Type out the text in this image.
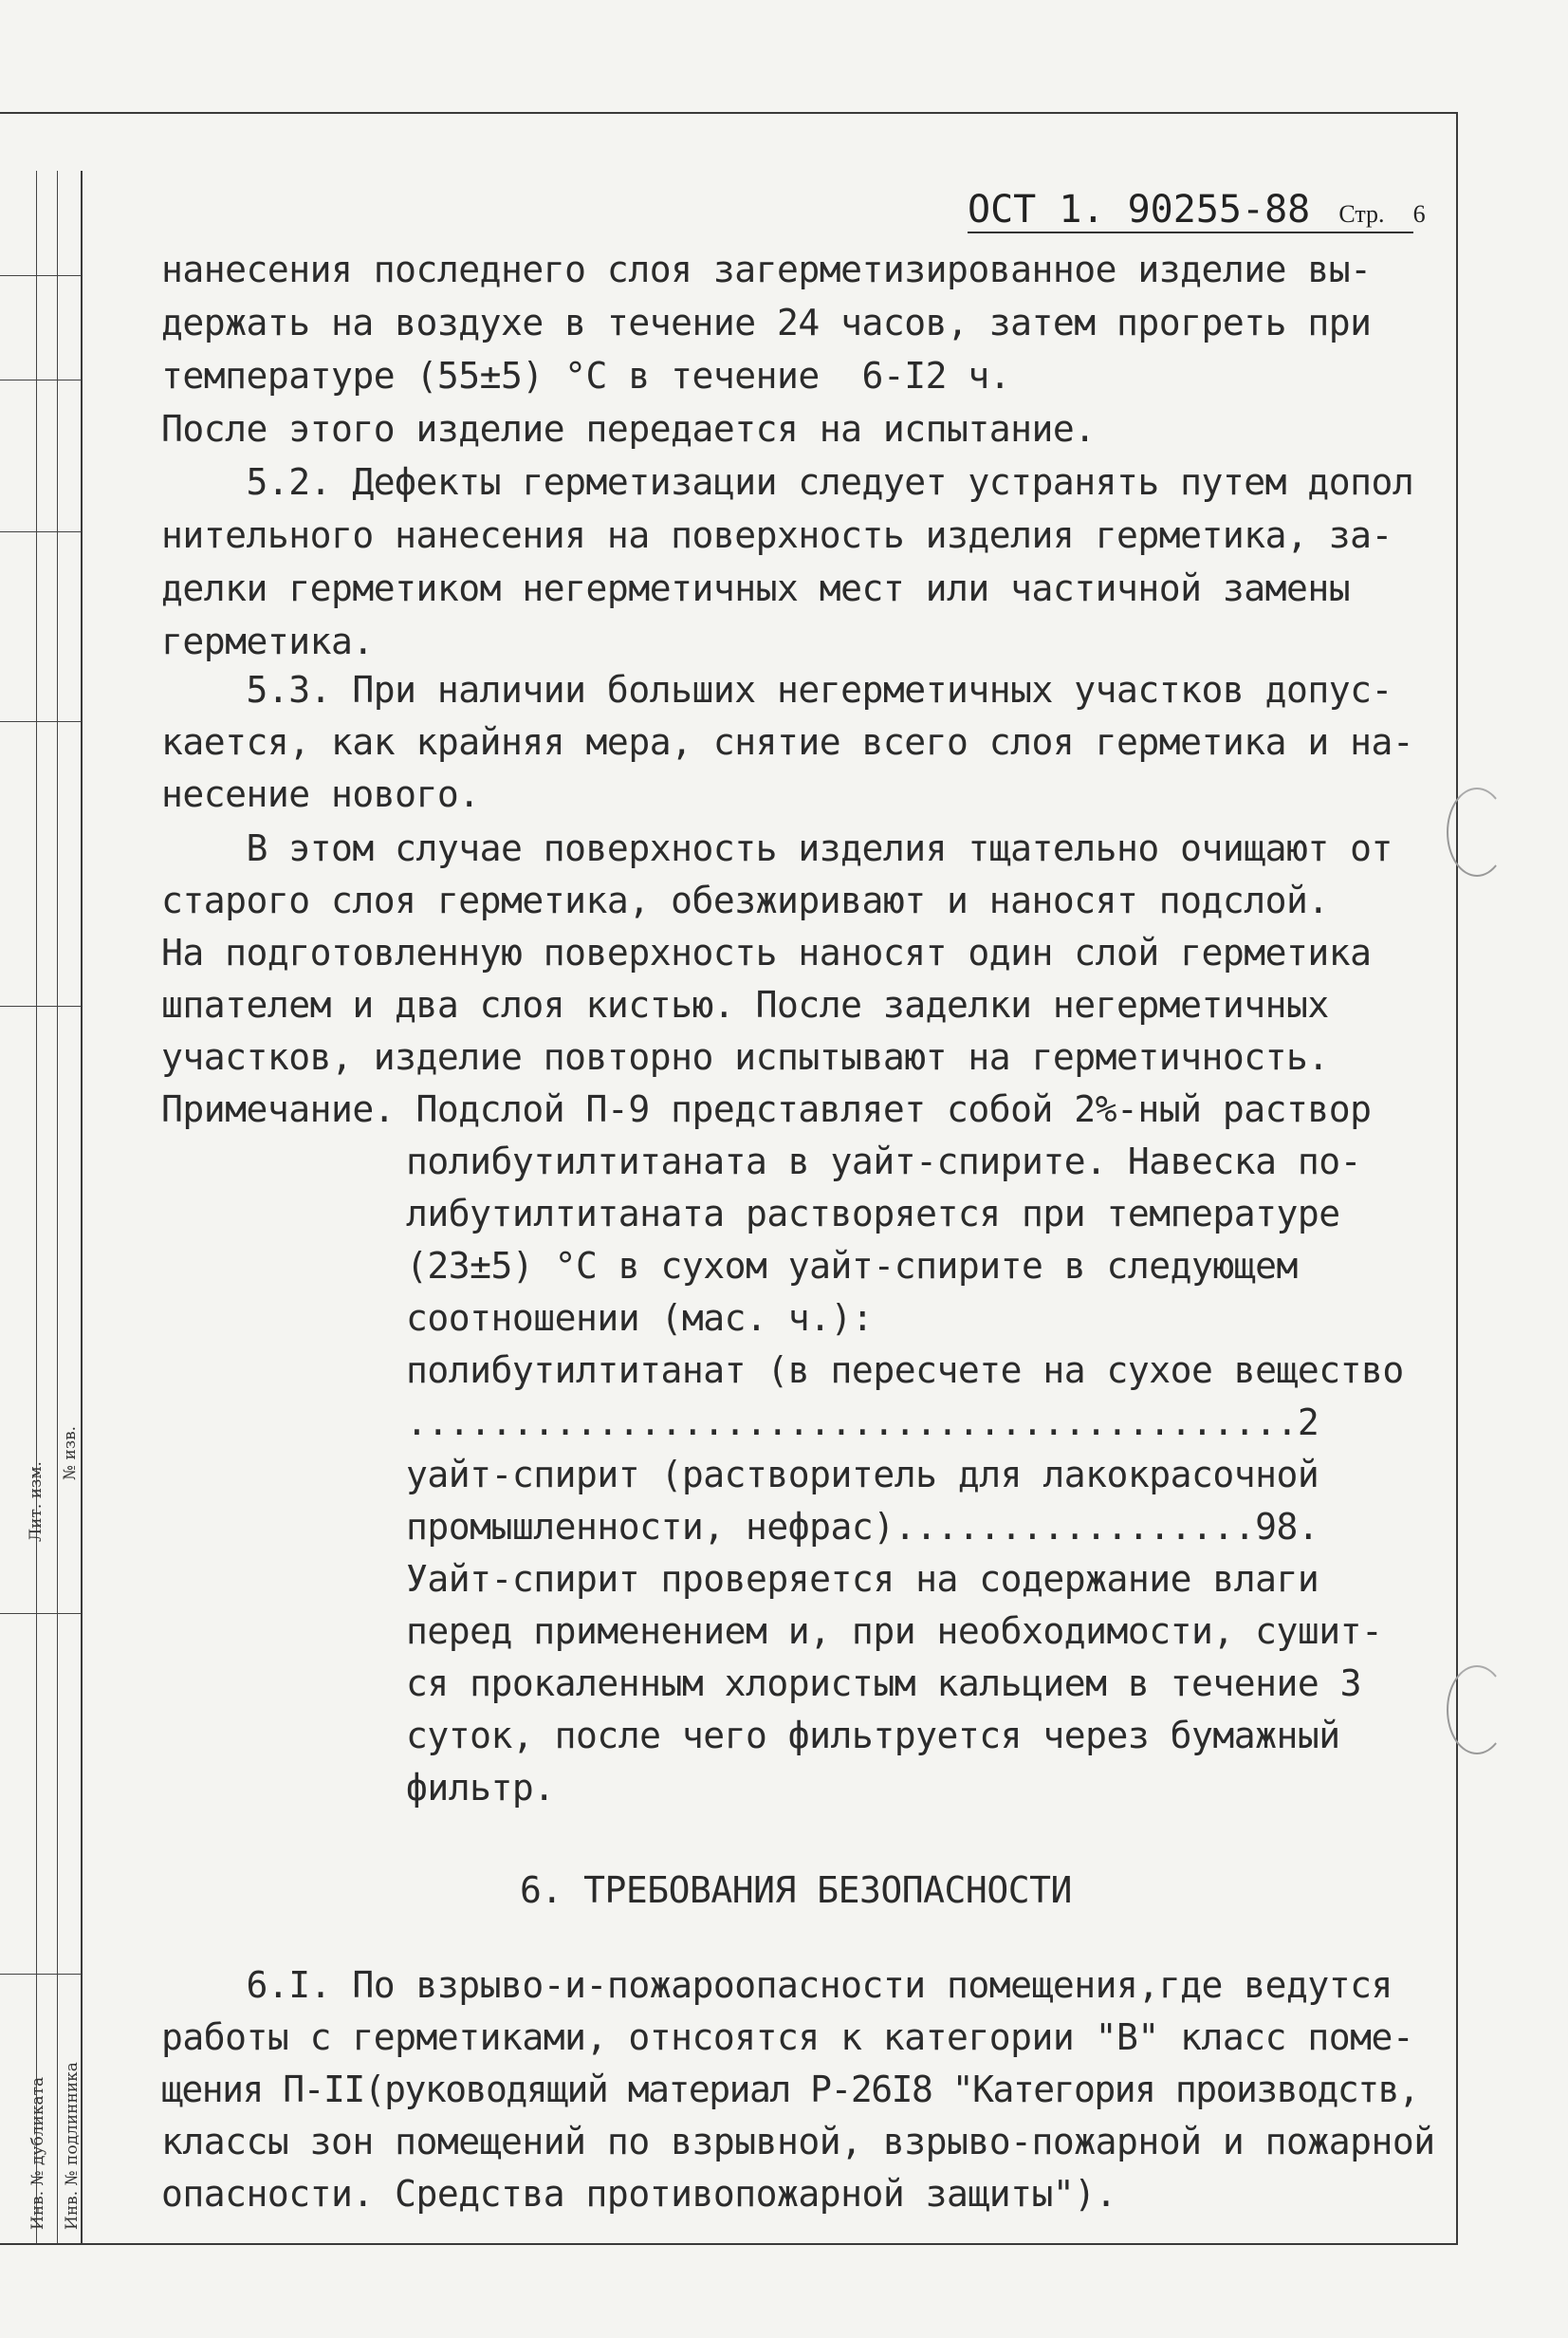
Лит. изм.
№ изв.
Инв. № дубликата Инв. № подлинника
ОСТ 1. 90255-88 Стр. 6
нанесения последнего слоя загерметизированное изделие вы-
держать на воздухе в течение 24 часов, затем прогреть при
температуре (55±5) °С в течение  6-I2 ч.
После этого изделие передается на испытание.
5.2. Дефекты герметизации следует устранять путем допол
нительного нанесения на поверхность изделия герметика, за-
делки герметиком негерметичных мест или частичной замены
герметика.
5.3. При наличии больших негерметичных участков допус-
кается, как крайняя мера, снятие всего слоя герметика и на-
несение нового.
В этом случае поверхность изделия тщательно очищают от
старого слоя герметика, обезжиривают и наносят подслой.
На подготовленную поверхность наносят один слой герметика
шпателем и два слоя кистью. После заделки негерметичных
участков, изделие повторно испытывают на герметичность.
Примечание. Подслой П-9 представляет собой 2%-ный раствор
полибутилтитаната в уайт-спирите. Навеска по-
либутилтитаната растворяется при температуре
(23±5) °С в сухом уайт-спирите в следующем
соотношении (мас. ч.):
полибутилтитанат (в пересчете на сухое вещество
..........................................2
уайт-спирит (растворитель для лакокрасочной
промышленности, нефрас).................98.
Уайт-спирит проверяется на содержание влаги
перед применением и, при необходимости, сушит-
ся прокаленным хлористым кальцием в течение 3
суток, после чего фильтруется через бумажный
фильтр.
6. ТРЕБОВАНИЯ БЕЗОПАСНОСТИ
6.I. По взрыво-и-пожароопасности помещения,где ведутся
работы с герметиками, отнсоятся к категории "В" класс поме-
щения П-II(руководящий материал Р-26I8 "Категория производств,
классы зон помещений по взрывной, взрыво-пожарной и пожарной
опасности. Средства противопожарной защиты").
